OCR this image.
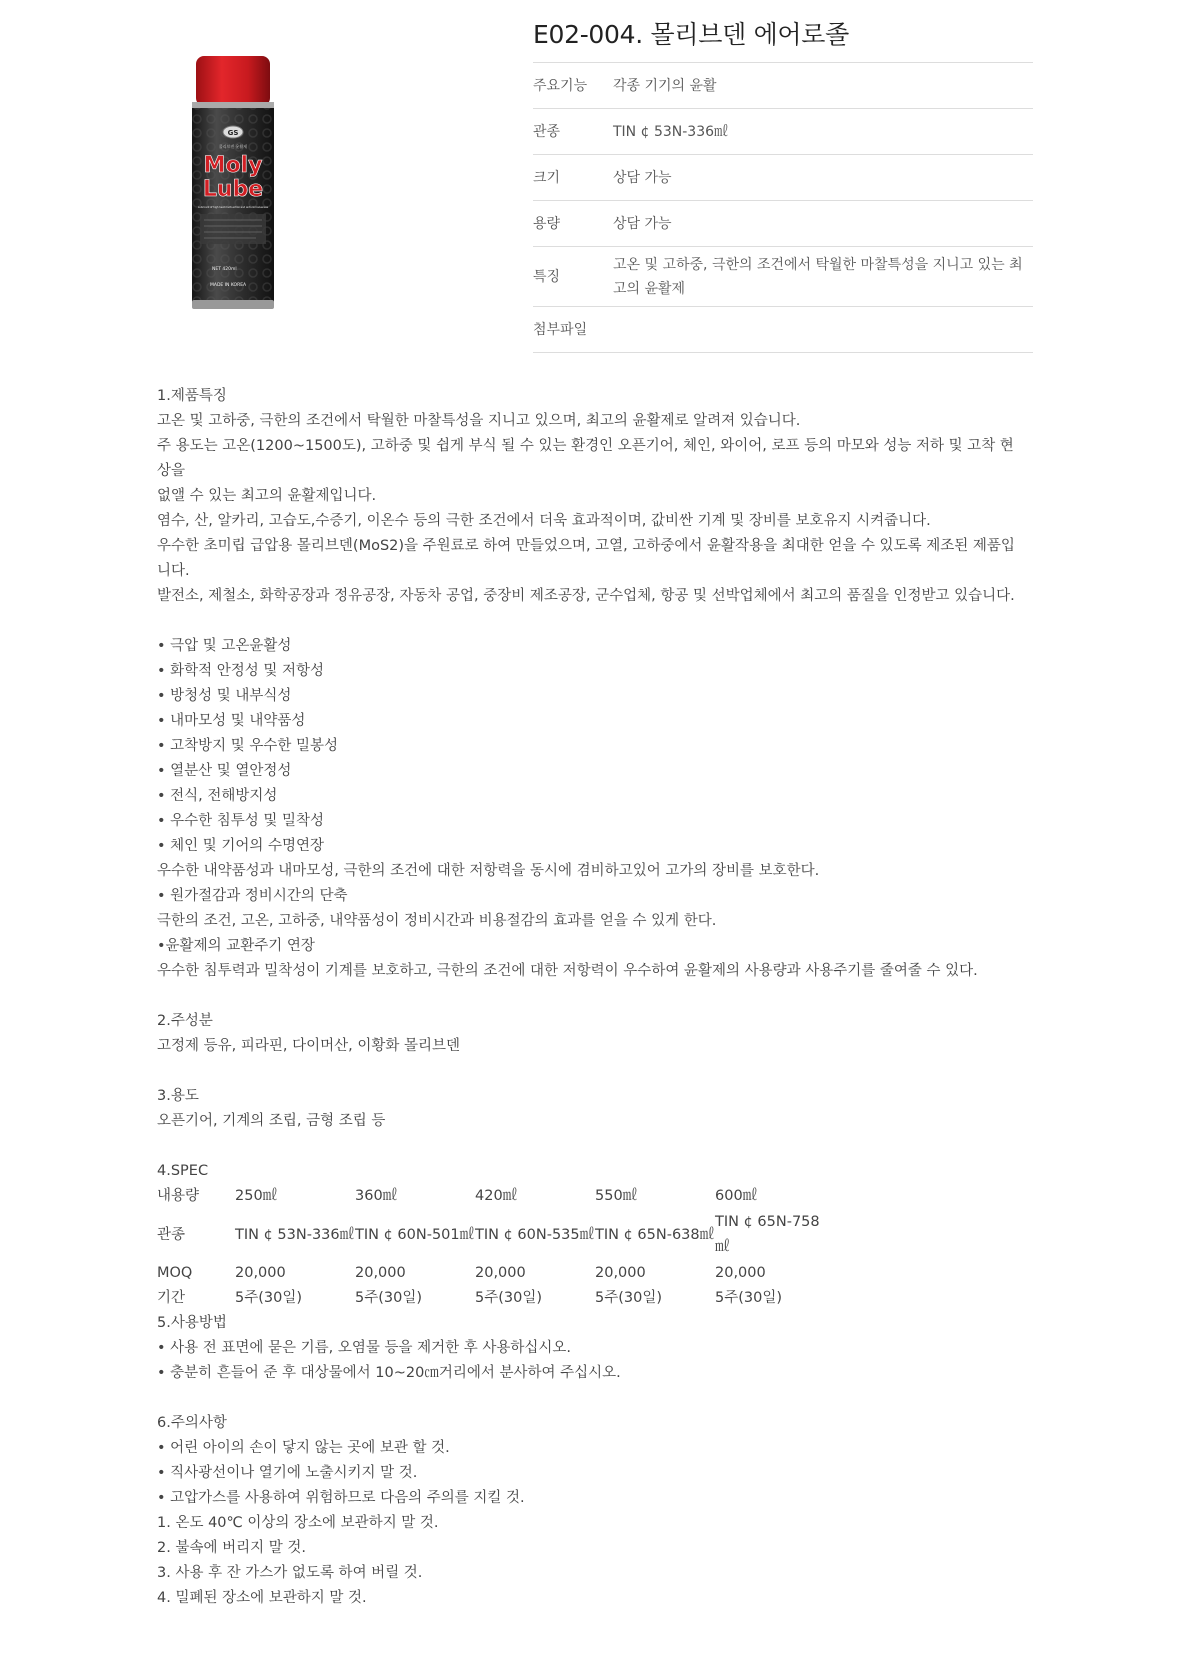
GS
몰리브덴 윤활제
Moly
Lube
Lubricant of high heat multi-action and anti-corrosiveness
NET 420ml
MADE IN KOREA
E02-004. 몰리브덴 에어로졸
주요기능	각종 기기의 윤활
관종	TIN ¢ 53N-336㎖
크기	상담 가능
용량	상담 가능
특징	고온 및 고하중, 극한의 조건에서 탁월한 마찰특성을 지니고 있는 최고의 윤활제
첨부파일	

1.제품특징

고온 및 고하중, 극한의 조건에서 탁월한 마찰특성을 지니고 있으며, 최고의 윤활제로 알려져 있습니다.

주 용도는 고온(1200~1500도), 고하중 및 쉽게 부식 될 수 있는 환경인 오픈기어, 체인, 와이어, 로프 등의 마모와 성능 저하 및 고착 현상을

없앨 수 있는 최고의 윤활제입니다.

염수, 산, 알카리, 고습도,수증기, 이온수 등의 극한 조건에서 더욱 효과적이며, 값비싼 기계 및 장비를 보호유지 시켜줍니다.

우수한 초미립 급압용 몰리브덴(MoS2)을 주원료로 하여 만들었으며, 고열, 고하중에서 윤활작용을 최대한 얻을 수 있도록 제조된 제품입니다.

발전소, 제철소, 화학공장과 정유공장, 자동차 공업, 중장비 제조공장, 군수업체, 항공 및 선박업체에서 최고의 품질을 인정받고 있습니다.

• 극압 및 고온윤활성

• 화학적 안정성 및 저항성

• 방청성 및 내부식성

• 내마모성 및 내약품성

• 고착방지 및 우수한 밀봉성

• 열분산 및 열안정성

• 전식, 전해방지성

• 우수한 침투성 및 밀착성

• 체인 및 기어의 수명연장

우수한 내약품성과 내마모성, 극한의 조건에 대한 저항력을 동시에 겸비하고있어 고가의 장비를 보호한다.

• 원가절감과 정비시간의 단축

극한의 조건, 고온, 고하중, 내약품성이 정비시간과 비용절감의 효과를 얻을 수 있게 한다.

•윤활제의 교환주기 연장

우수한 침투력과 밀착성이 기계를 보호하고, 극한의 조건에 대한 저항력이 우수하여 윤활제의 사용량과 사용주기를 줄여줄 수 있다.

2.주성분

고정제 등유, 피라핀, 다이머산, 이황화 몰리브덴

3.용도

오픈기어, 기계의 조립, 금형 조립 등

4.SPEC

내용량	250㎖	360㎖	420㎖	550㎖	600㎖
관종	TIN ¢ 53N-336㎖	TIN ¢ 60N-501㎖	TIN ¢ 60N-535㎖	TIN ¢ 65N-638㎖	TIN ¢ 65N-758 ㎖
MOQ	20,000	20,000	20,000	20,000	20,000
기간	5주(30일)	5주(30일)	5주(30일)	5주(30일)	5주(30일)

5.사용방법

• 사용 전 표면에 묻은 기름, 오염물 등을 제거한 후 사용하십시오.

• 충분히 흔들어 준 후 대상물에서 10~20㎝거리에서 분사하여 주십시오.

6.주의사항

• 어린 아이의 손이 닿지 않는 곳에 보관 할 것.

• 직사광선이나 열기에 노출시키지 말 것.

• 고압가스를 사용하여 위험하므로 다음의 주의를 지킬 것.

1. 온도 40℃ 이상의 장소에 보관하지 말 것.

2. 불속에 버리지 말 것.

3. 사용 후 잔 가스가 없도록 하여 버릴 것.

4. 밀폐된 장소에 보관하지 말 것.
